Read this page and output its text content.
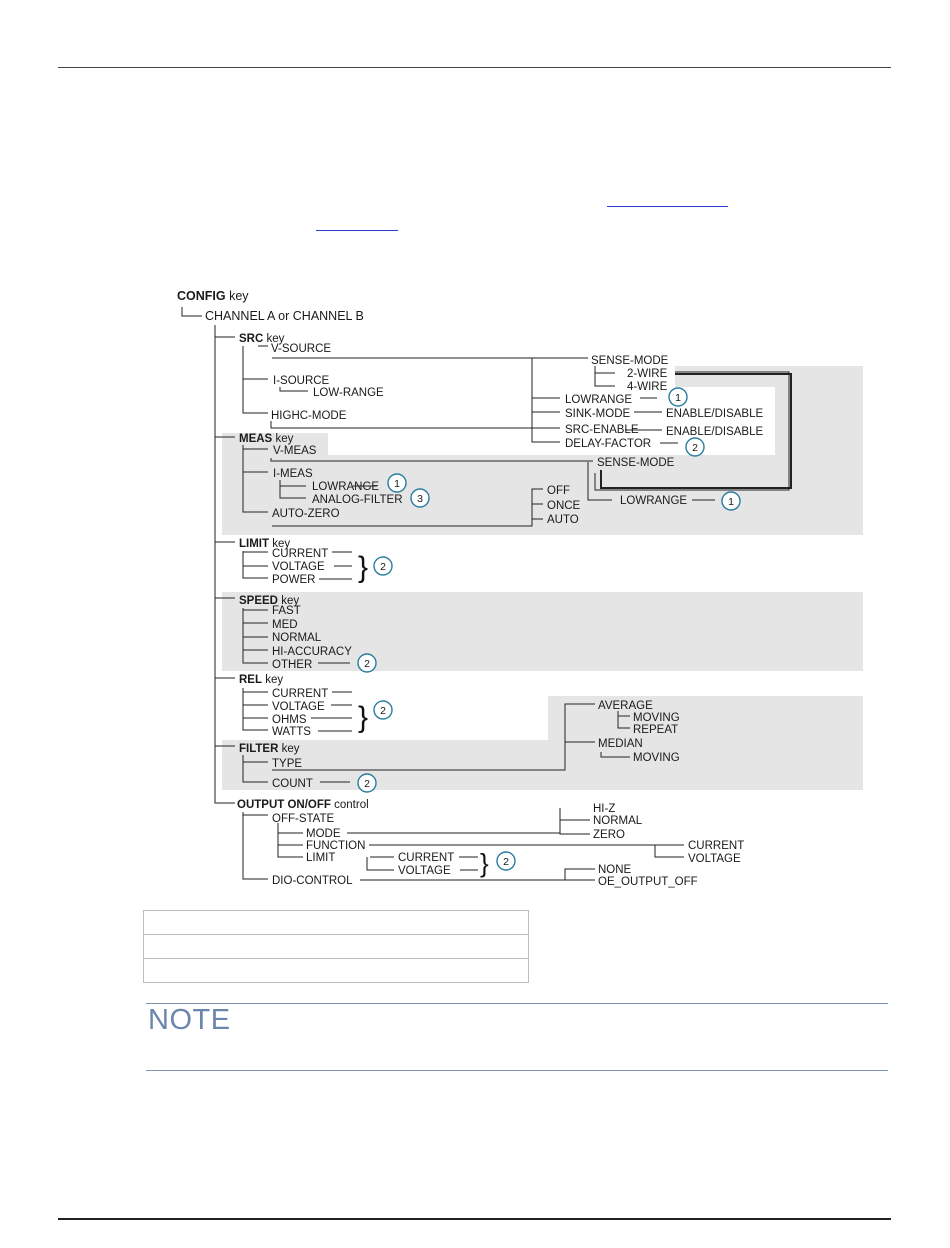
CONFIG key
CHANNEL A or CHANNEL B
SRC key
V-SOURCE
I-SOURCE
LOW-RANGE
HIGHC-MODE
SENSE-MODE
2-WIRE
4-WIRE
LOWRANGE
SINK-MODE	ENABLE/DISABLE
SRC-ENABLE ENABLE/DISABLE
DELAY-FACTOR
MEAS key
V-MEAS
I-MEAS
LOWRANGE
ANALOG-FILTER
AUTO-ZERO
SENSE-MODE
LOWRANGE
OFF
ONCE
AUTO
LIMIT key
CURRENT
VOLTAGE
POWER }
SPEED key
FAST
MED
NORMAL
HI-ACCURACY
OTHER
REL key
CURRENT
VOLTAGE
OHMS
WATTS }
FILTER key
TYPE
COUNT
AVERAGE
MOVING
REPEAT
MEDIAN
MOVING
OUTPUT ON/OFF control
OFF-STATE
MODE
FUNCTION
LIMIT	CURRENT
VOLTAGE }
DIO-CONTROL
HI-Z
NORMAL
ZERO
CURRENT
VOLTAGE
NONE
OE_OUTPUT_OFF
1
2
1
3	1
2
2
2
2
2

NOTE
